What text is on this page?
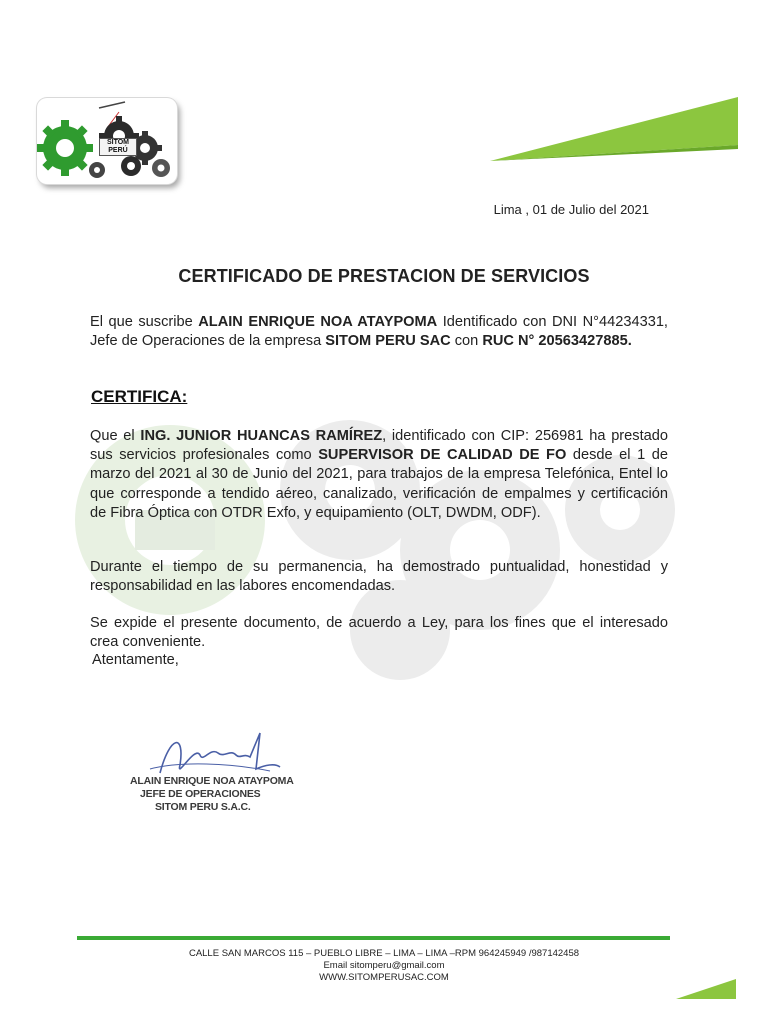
SITOM
PERÚ
Lima , 01 de Julio del 2021
CERTIFICADO DE PRESTACION DE SERVICIOS
El que suscribe ALAIN ENRIQUE NOA ATAYPOMA Identificado con DNI N°44234331, Jefe de Operaciones de la empresa SITOM PERU SAC con RUC N° 20563427885.
CERTIFICA:
Que el ING. JUNIOR HUANCAS RAMÍREZ, identificado con CIP: 256981 ha prestado sus servicios profesionales como SUPERVISOR DE CALIDAD DE FO desde el 1 de marzo del 2021 al 30 de Junio del 2021, para trabajos de la empresa Telefónica, Entel lo que corresponde a tendido aéreo, canalizado, verificación de empalmes y certificación de Fibra Óptica con OTDR Exfo, y equipamiento (OLT, DWDM, ODF).
Durante el tiempo de su permanencia, ha demostrado puntualidad, honestidad y responsabilidad en las labores encomendadas.
Se expide el presente documento, de acuerdo a Ley, para los fines que el interesado crea conveniente.
Atentamente,
ALAIN ENRIQUE NOA ATAYPOMA
JEFE DE OPERACIONES
SITOM PERU S.A.C.
CALLE SAN MARCOS 115 – PUEBLO LIBRE – LIMA – LIMA –RPM 964245949 /987142458
Email sitomperu@gmail.com
WWW.SITOMPERUSAC.COM
